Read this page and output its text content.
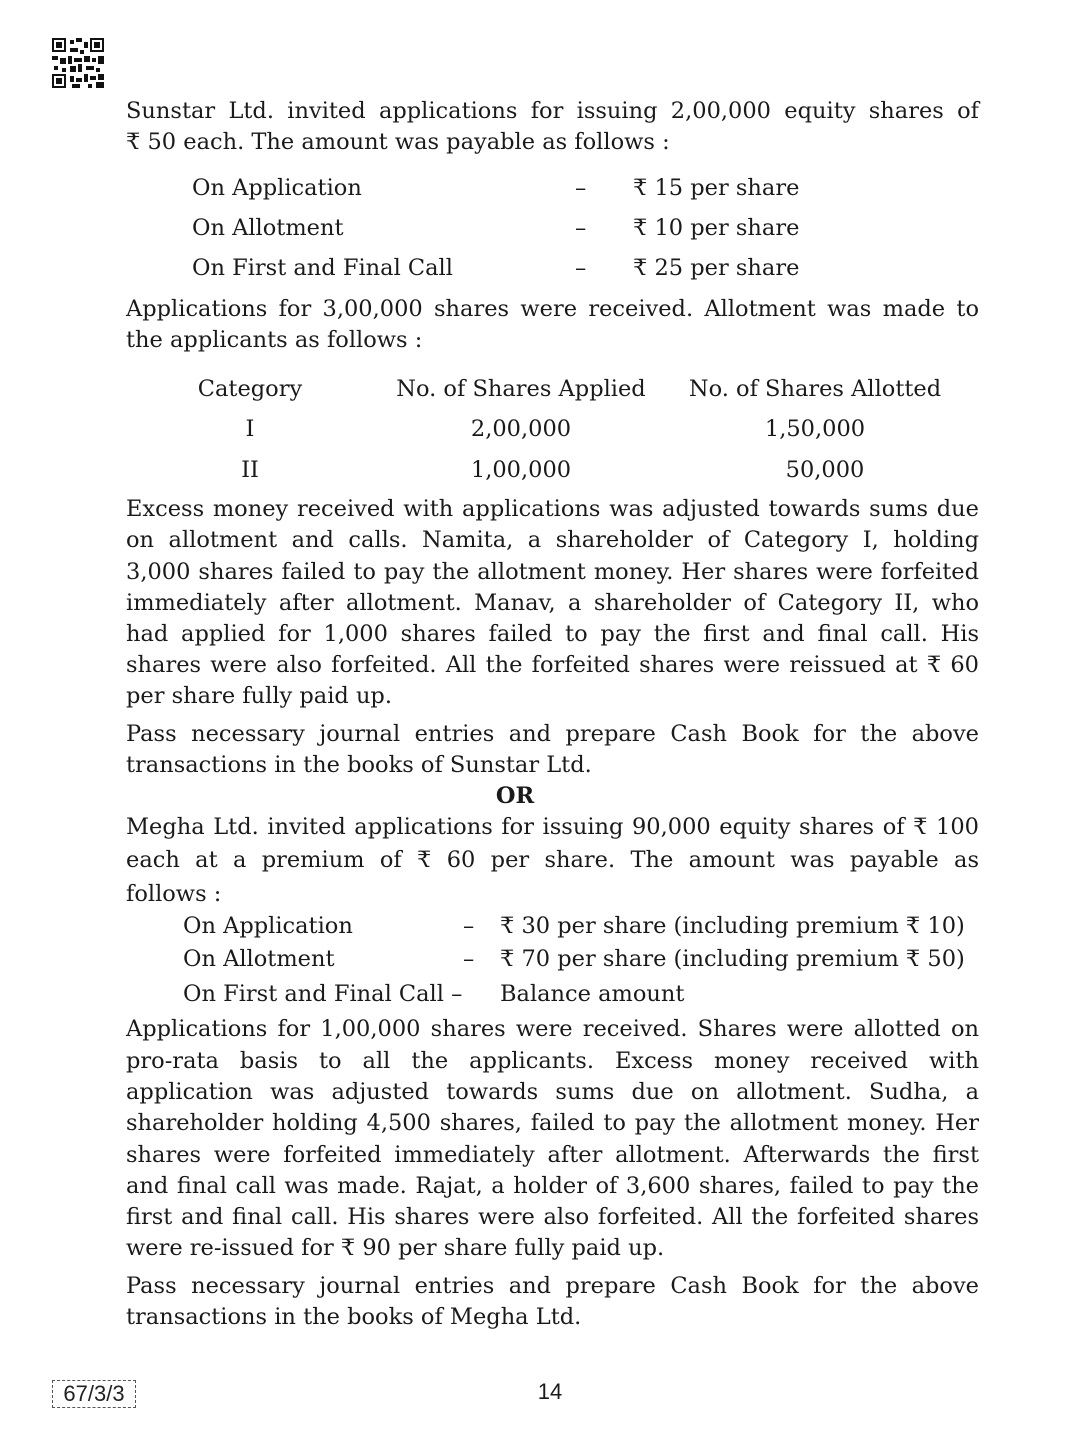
Sunstar Ltd. invited applications for issuing 2,00,000 equity shares of
₹ 50 each. The amount was payable as follows :
On Application	– ₹ 15 per share
On Allotment	– ₹ 10 per share
On First and Final Call	– ₹ 25 per share
Applications for 3,00,000 shares were received. Allotment was made to
the applicants as follows :
Category	No. of Shares Applied	No. of Shares Allotted
I	2,00,000	1,50,000
II	1,00,000	50,000
Excess money received with applications was adjusted towards sums due
on allotment and calls. Namita, a shareholder of Category I, holding
3,000 shares failed to pay the allotment money. Her shares were forfeited
immediately after allotment. Manav, a shareholder of Category II, who
had applied for 1,000 shares failed to pay the first and final call. His
shares were also forfeited. All the forfeited shares were reissued at ₹ 60
per share fully paid up.
Pass necessary journal entries and prepare Cash Book for the above
transactions in the books of Sunstar Ltd.
OR
Megha Ltd. invited applications for issuing 90,000 equity shares of ₹ 100
each at a premium of ₹ 60 per share. The amount was payable as
follows :
On Application	– ₹ 30 per share (including premium ₹ 10)
On Allotment	– ₹ 70 per share (including premium ₹ 50)
On First and Final Call – Balance amount
Applications for 1,00,000 shares were received. Shares were allotted on
pro-rata basis to all the applicants. Excess money received with
application was adjusted towards sums due on allotment. Sudha, a
shareholder holding 4,500 shares, failed to pay the allotment money. Her
shares were forfeited immediately after allotment. Afterwards the first
and final call was made. Rajat, a holder of 3,600 shares, failed to pay the
first and final call. His shares were also forfeited. All the forfeited shares
were re-issued for ₹ 90 per share fully paid up.
Pass necessary journal entries and prepare Cash Book for the above
transactions in the books of Megha Ltd.
67/3/3	14
